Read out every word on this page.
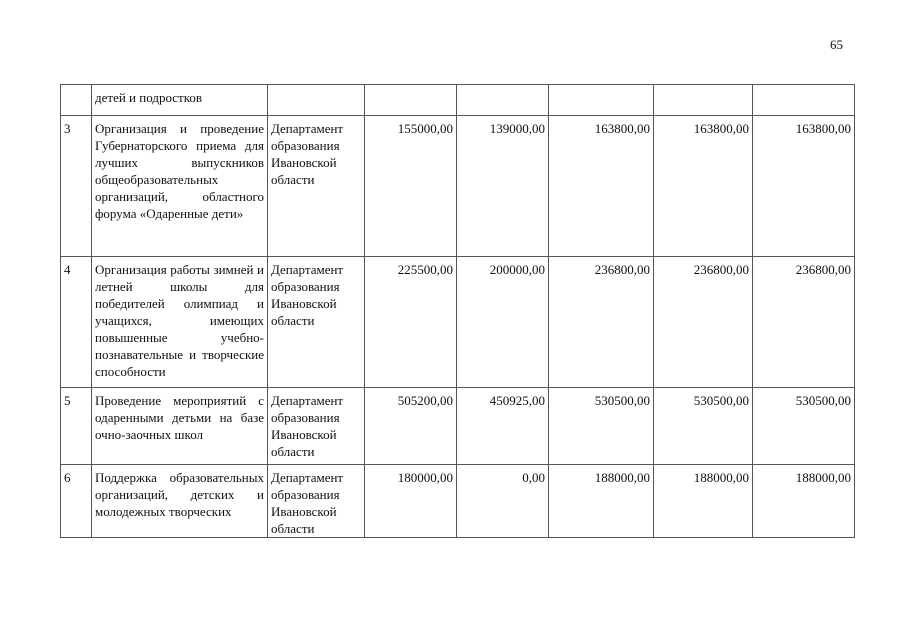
65
	детей и подростков						
3	Организация и проведение Губернаторского приема для лучших выпускников общеобразовательных организаций, областного форума «Одаренные дети»	Департамент образования Ивановской области	155000,00	139000,00	163800,00	163800,00	163800,00
4	Организация работы зимней и летней школы для победителей олимпиад и учащихся, имеющих повышенные учебно-познавательные и творческие способности	Департамент образования Ивановской области	225500,00	200000,00	236800,00	236800,00	236800,00
5	Проведение мероприятий с одаренными детьми на базе очно-заочных школ	Департамент образования Ивановской области	505200,00	450925,00	530500,00	530500,00	530500,00
6	Поддержка образовательных организаций, детских и молодежных творческих	Департамент образования Ивановской области	180000,00	0,00	188000,00	188000,00	188000,00
